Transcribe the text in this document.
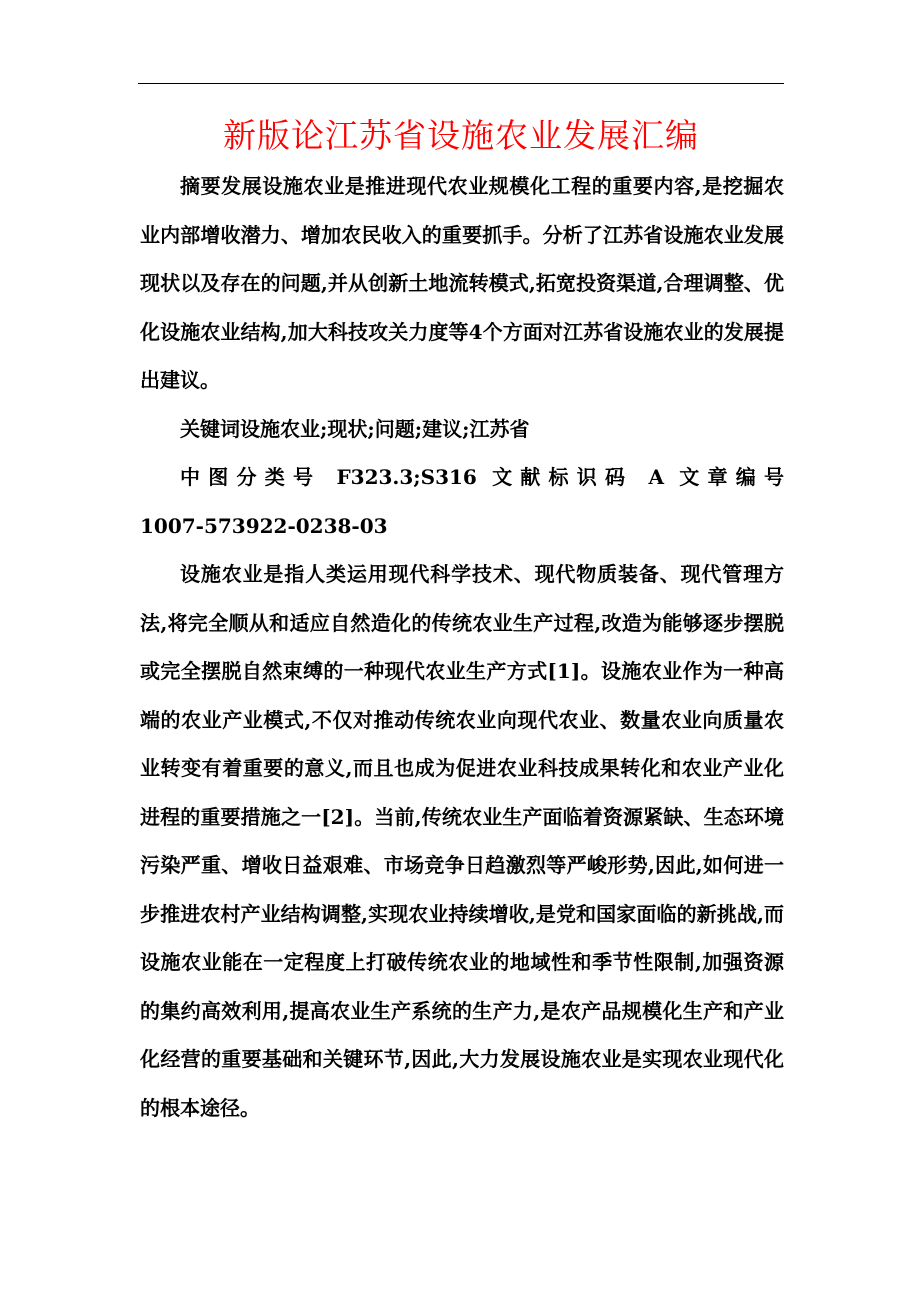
新版论江苏省设施农业发展汇编

摘要发展设施农业是推进现代农业规模化工程的重要内容,是挖掘农业内部增收潜力、增加农民收入的重要抓手。分析了江苏省设施农业发展现状以及存在的问题,并从创新土地流转模式,拓宽投资渠道,合理调整、优化设施农业结构,加大科技攻关力度等4个方面对江苏省设施农业的发展提出建议。

关键词设施农业;现状;问题;建议;江苏省

中图分类号 F323.3;S316 文献标识码 A 文章编号

1007-573922-0238-03

设施农业是指人类运用现代科学技术、现代物质装备、现代管理方法,将完全顺从和适应自然造化的传统农业生产过程,改造为能够逐步摆脱或完全摆脱自然束缚的一种现代农业生产方式[1]。设施农业作为一种高端的农业产业模式,不仅对推动传统农业向现代农业、数量农业向质量农业转变有着重要的意义,而且也成为促进农业科技成果转化和农业产业化进程的重要措施之一[2]。当前,传统农业生产面临着资源紧缺、生态环境污染严重、增收日益艰难、市场竞争日趋激烈等严峻形势,因此,如何进一步推进农村产业结构调整,实现农业持续增收,是党和国家面临的新挑战,而设施农业能在一定程度上打破传统农业的地域性和季节性限制,加强资源的集约高效利用,提高农业生产系统的生产力,是农产品规模化生产和产业化经营的重要基础和关键环节,因此,大力发展设施农业是实现农业现代化的根本途径。
